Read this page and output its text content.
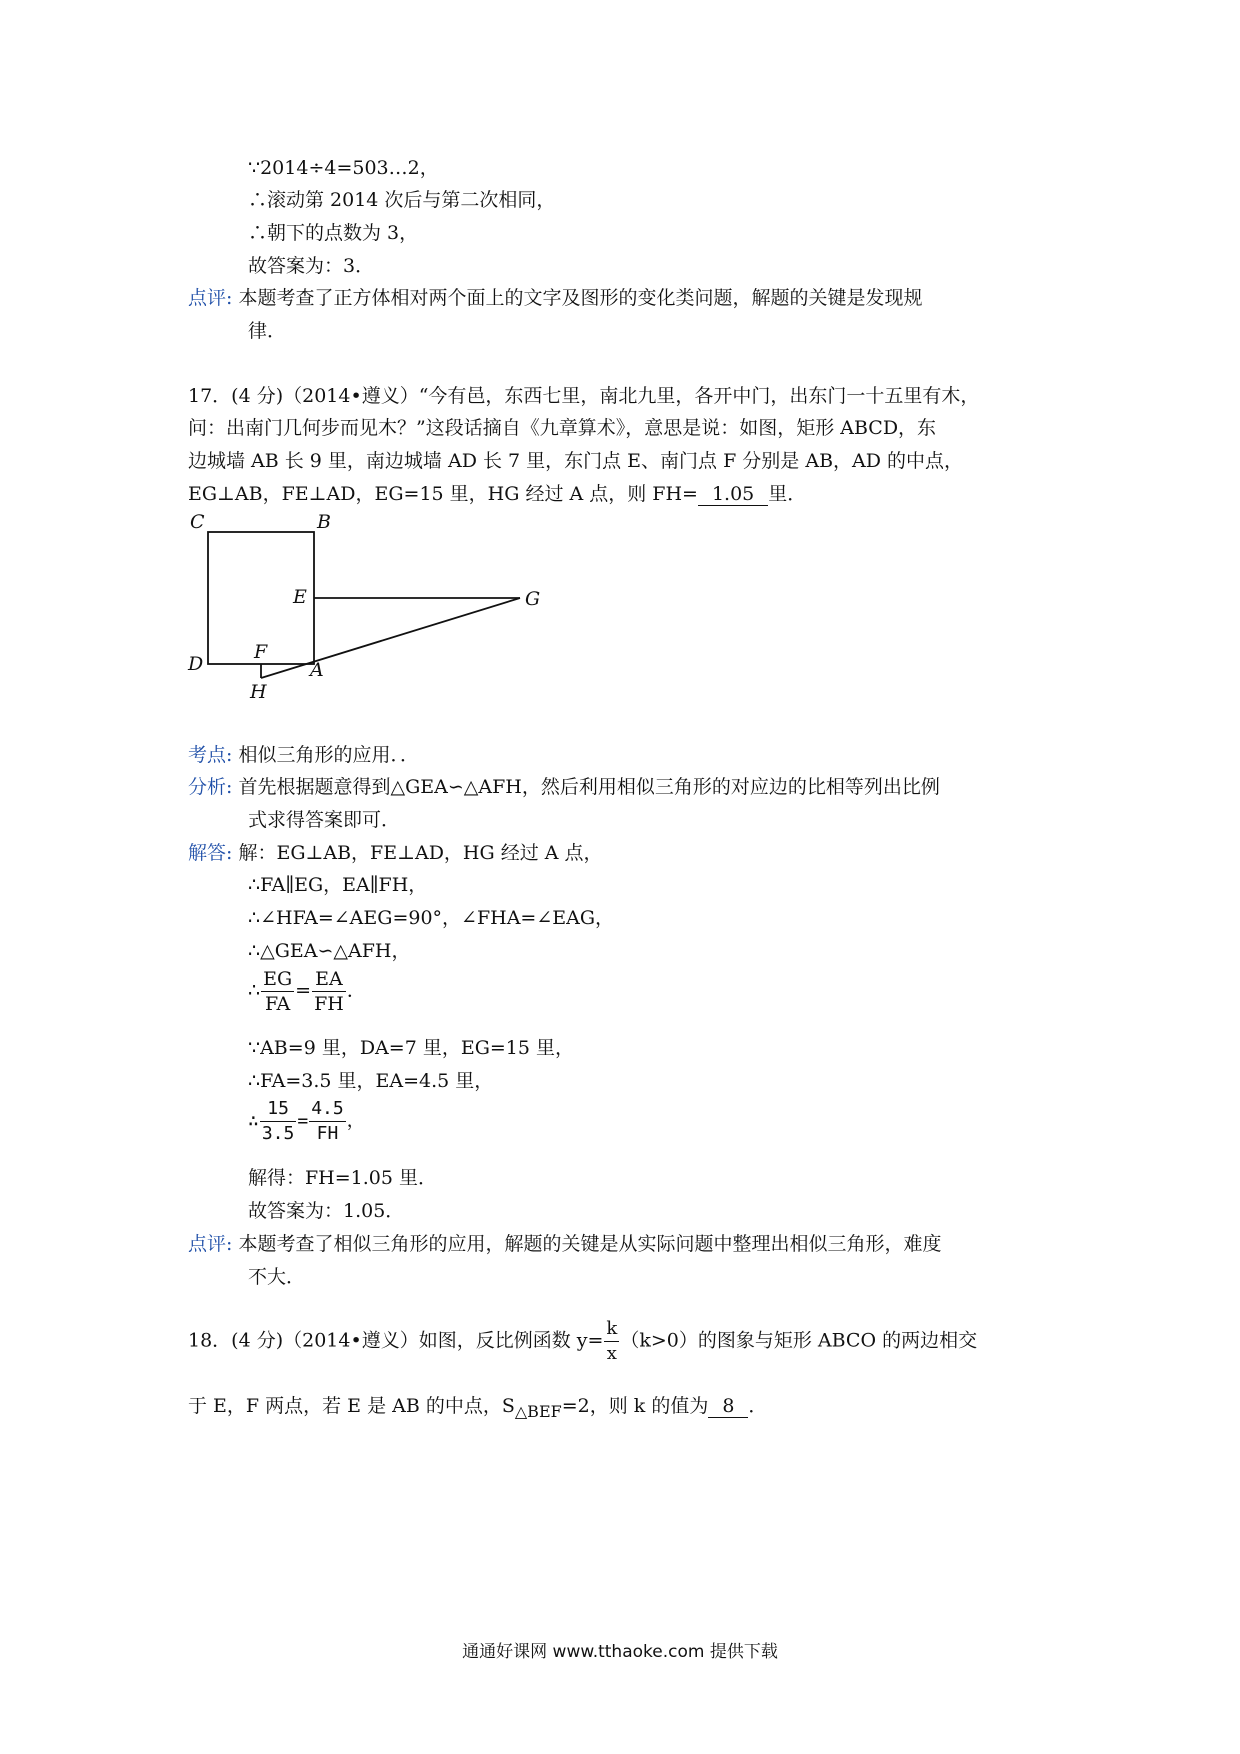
∵2014÷4=503…2，
∴滚动第 2014 次后与第二次相同，
∴朝下的点数为 3，
故答案为：3．
点评: 本题考查了正方体相对两个面上的文字及图形的变化类问题，解题的关键是发现规
律．
17．(4 分)（2014•遵义）“今有邑，东西七里，南北九里，各开中门，出东门一十五里有木，
问：出南门几何步而见木？”这段话摘自《九章算术》，意思是说：如图，矩形 ABCD，东
边城墙 AB 长 9 里，南边城墙 AD 长 7 里，东门点 E、南门点 F 分别是 AB，AD 的中点，
EG⊥AB，FE⊥AD，EG=15 里，HG 经过 A 点，则 FH= 1.05 里．
C	B
E	G
D
F
A
H
考点: 相似三角形的应用．．
分析: 首先根据题意得到△GEA∽△AFH，然后利用相似三角形的对应边的比相等列出比例
式求得答案即可．
解答: 解：EG⊥AB，FE⊥AD，HG 经过 A 点，
∴FA∥EG，EA∥FH，
∴∠HFA=∠AEG=90°，∠FHA=∠EAG，
∴△GEA∽△AFH，
∴ $\frac{EG}{FA} = \frac{EA}{FH}$ ．
∵AB=9 里，DA=7 里，EG=15 里，
∴FA=3.5 里，EA=4.5 里，
∴ $\frac{15}{3.5} = \frac{4.5}{FH}$ ，
解得：FH=1.05 里．
故答案为：1.05．
点评: 本题考查了相似三角形的应用，解题的关键是从实际问题中整理出相似三角形，难度
不大．
18．(4 分)（2014•遵义）如图，反比例函数 $y= \frac{k}{x} (k>0)$的图象与矩形 ABCO 的两边相交
于 E，F 两点，若 E 是 AB 的中点，$S_{\triangle BEF}=2$，则 k 的值为 8 ．
通通好课网 www.tthaoke.com 提供下载
